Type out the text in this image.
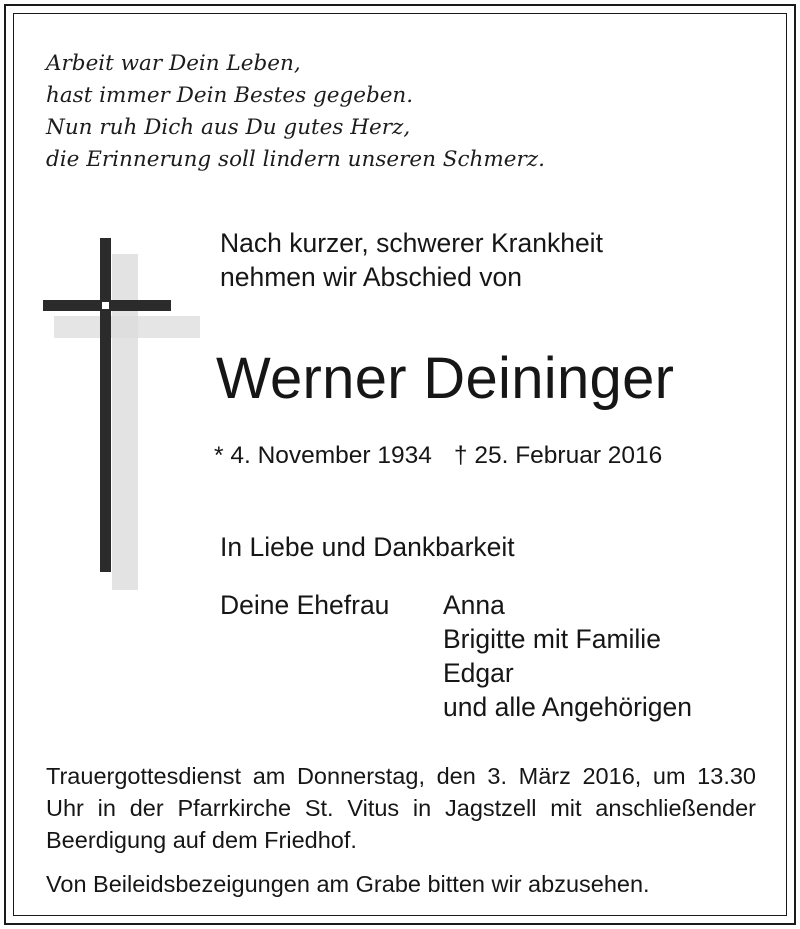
Arbeit war Dein Leben,
hast immer Dein Bestes gegeben.
Nun ruh Dich aus Du gutes Herz,
die Erinnerung soll lindern unseren Schmerz.
Nach kurzer, schwerer Krankheit
nehmen wir Abschied von
Werner Deininger
* 4. November 1934 † 25. Februar 2016
In Liebe und Dankbarkeit
Deine Ehefrau Anna
Brigitte mit Familie
Edgar
und alle Angehörigen
Trauergottesdienst am Donnerstag, den 3. März 2016, um 13.30 Uhr in der Pfarrkirche St. Vitus in Jagstzell mit anschließender Beerdigung auf dem Friedhof.
Von Beileidsbezeigungen am Grabe bitten wir abzusehen.
